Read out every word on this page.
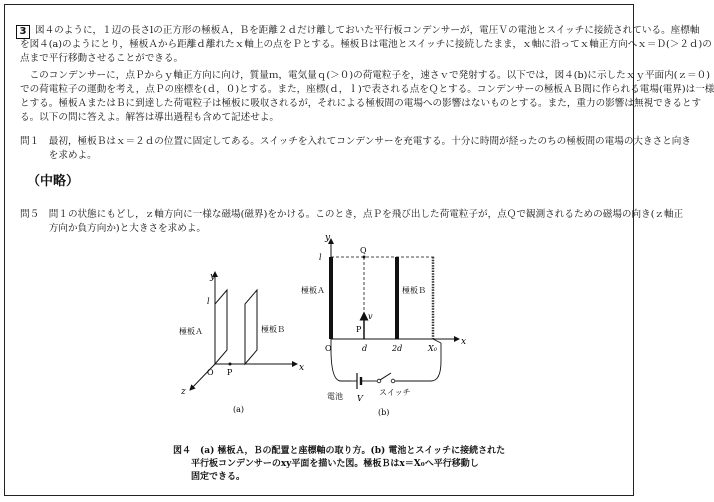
3 図４のように，１辺の長さlの正方形の極板Ａ，Ｂを距離２ｄだけ離しておいた平行板コンデンサーが，電圧Ｖの電池とスイッチに接続されている。座標軸
を図４(a)のようにとり，極板Ａから距離ｄ離れたｘ軸上の点をＰとする。極板Ｂは電池とスイッチに接続したまま，ｘ軸に沿ってｘ軸正方向へｘ＝Ｄ(＞２ｄ)の
点まで平行移動させることができる。
　このコンデンサーに，点Ｐからｙ軸正方向に向け，質量ｍ，電気量ｑ(＞０)の荷電粒子を，速さｖで発射する。以下では，図４(b)に示したｘｙ平面内(ｚ＝０)
での荷電粒子の運動を考え，点Ｐの座標を(ｄ，０)とする。また，座標(ｄ，ｌ)で表される点をＱとする。コンデンサーの極板ＡＢ間に作られる電場(電界)は一様
とする。極板ＡまたはＢに到達した荷電粒子は極板に吸収されるが，それによる極板間の電場への影響はないものとする。また，重力の影響は無視できるとす
る。以下の問に答えよ。解答は導出過程も含めて記述せよ。
問１　最初，極板Ｂはｘ＝２ｄの位置に固定してある。スイッチを入れてコンデンサーを充電する。十分に時間が経ったのちの極板間の電場の大きさと向き
　　　を求めよ。
（中略）
問５　問１の状態にもどし，ｚ軸方向に一様な磁場(磁界)をかける。このとき，点Ｐを飛び出した荷電粒子が，点Ｑで観測されるための磁場の向き(ｚ軸正
　　　方向か負方向か)と大きさを求めよ。
y
x
z
O P
l
極板Ａ	極板Ｂ
(a)
y
x
l
Q
v
P
O	d	2d	X₀
極板Ａ	極板Ｂ
電池 V
スイッチ
(b)
図４　(a) 極板Ａ，Ｂの配置と座標軸の取り方。(b) 電池とスイッチに接続された
平行板コンデンサーのxy平面を描いた図。極板Ｂはx＝X₀へ平行移動し
固定できる。
